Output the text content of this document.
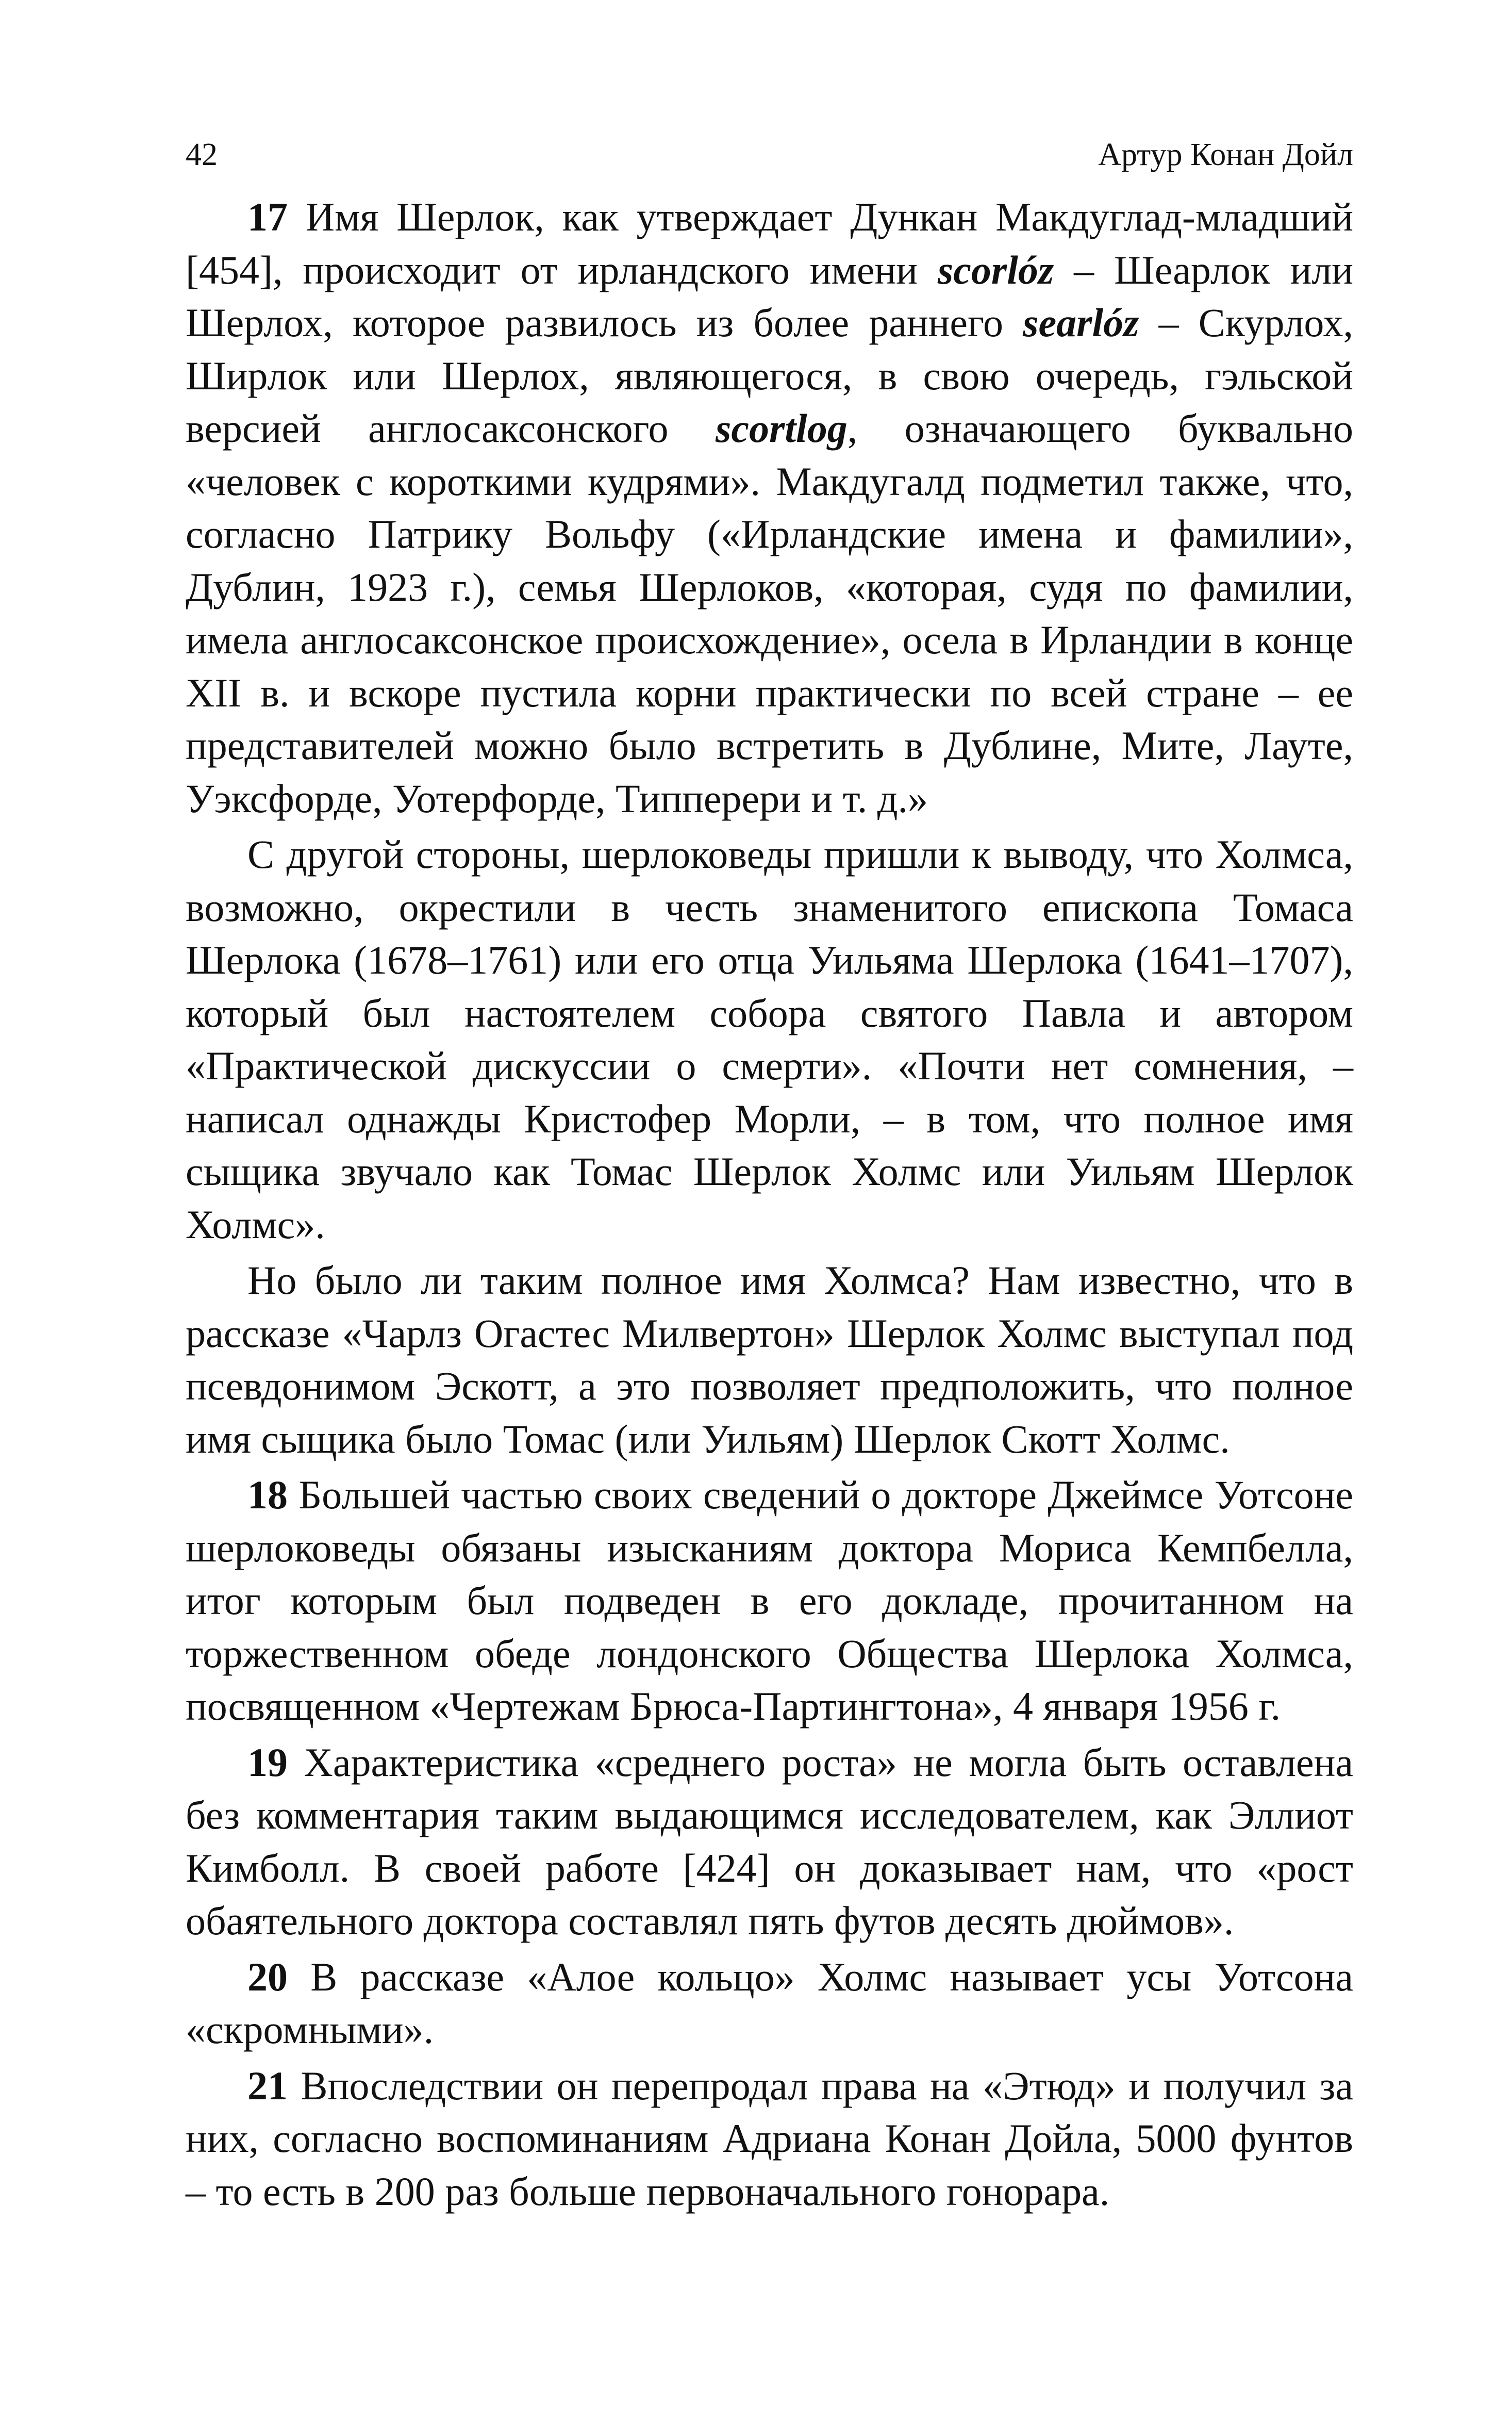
42	Артур Конан Дойл

17 Имя Шерлок, как утверждает Дункан Макдуглад-младший [454], происходит от ирландского имени scorlóz – Шеарлок или Шерлох, которое развилось из более раннего searlóz – Скурлох, Ширлок или Шерлох, являющегося, в свою очередь, гэльской версией англосаксонского scortlog, означающего буквально «человек с короткими кудрями». Макдугалд подметил также, что, согласно Патрику Вольфу («Ирландские имена и фамилии», Дублин, 1923 г.), семья Шерлоков, «которая, судя по фамилии, имела англосаксонское происхождение», осела в Ирландии в конце XII в. и вскоре пустила корни практически по всей стране – ее представителей можно было встретить в Дублине, Мите, Лауте, Уэксфорде, Уотерфорде, Типперери и т. д.»

С другой стороны, шерлоковеды пришли к выводу, что Холмса, возможно, окрестили в честь знаменитого епископа Томаса Шерлока (1678–1761) или его отца Уильяма Шерлока (1641–1707), который был настоятелем собора святого Павла и автором «Практической дискуссии о смерти». «Почти нет сомнения, – написал однажды Кристофер Морли, – в том, что полное имя сыщика звучало как Томас Шерлок Холмс или Уильям Шерлок Холмс».

Но было ли таким полное имя Холмса? Нам известно, что в рассказе «Чарлз Огастес Милвертон» Шерлок Холмс выступал под псевдонимом Эскотт, а это позволяет предположить, что полное имя сыщика было Томас (или Уильям) Шерлок Скотт Холмс.

18 Большей частью своих сведений о докторе Джеймсе Уотсоне шерлоковеды обязаны изысканиям доктора Мориса Кемпбелла, итог которым был подведен в его докладе, прочитанном на торжественном обеде лондонского Общества Шерлока Холмса, посвященном «Чертежам Брюса-Партингтона», 4 января 1956 г.

19 Характеристика «среднего роста» не могла быть оставлена без комментария таким выдающимся исследователем, как Эллиот Кимболл. В своей работе [424] он доказывает нам, что «рост обаятельного доктора составлял пять футов десять дюймов».

20 В рассказе «Алое кольцо» Холмс называет усы Уотсона «скромными».

21 Впоследствии он перепродал права на «Этюд» и получил за них, согласно воспоминаниям Адриана Конан Дойла, 5000 фунтов – то есть в 200 раз больше первоначального гонорара.
